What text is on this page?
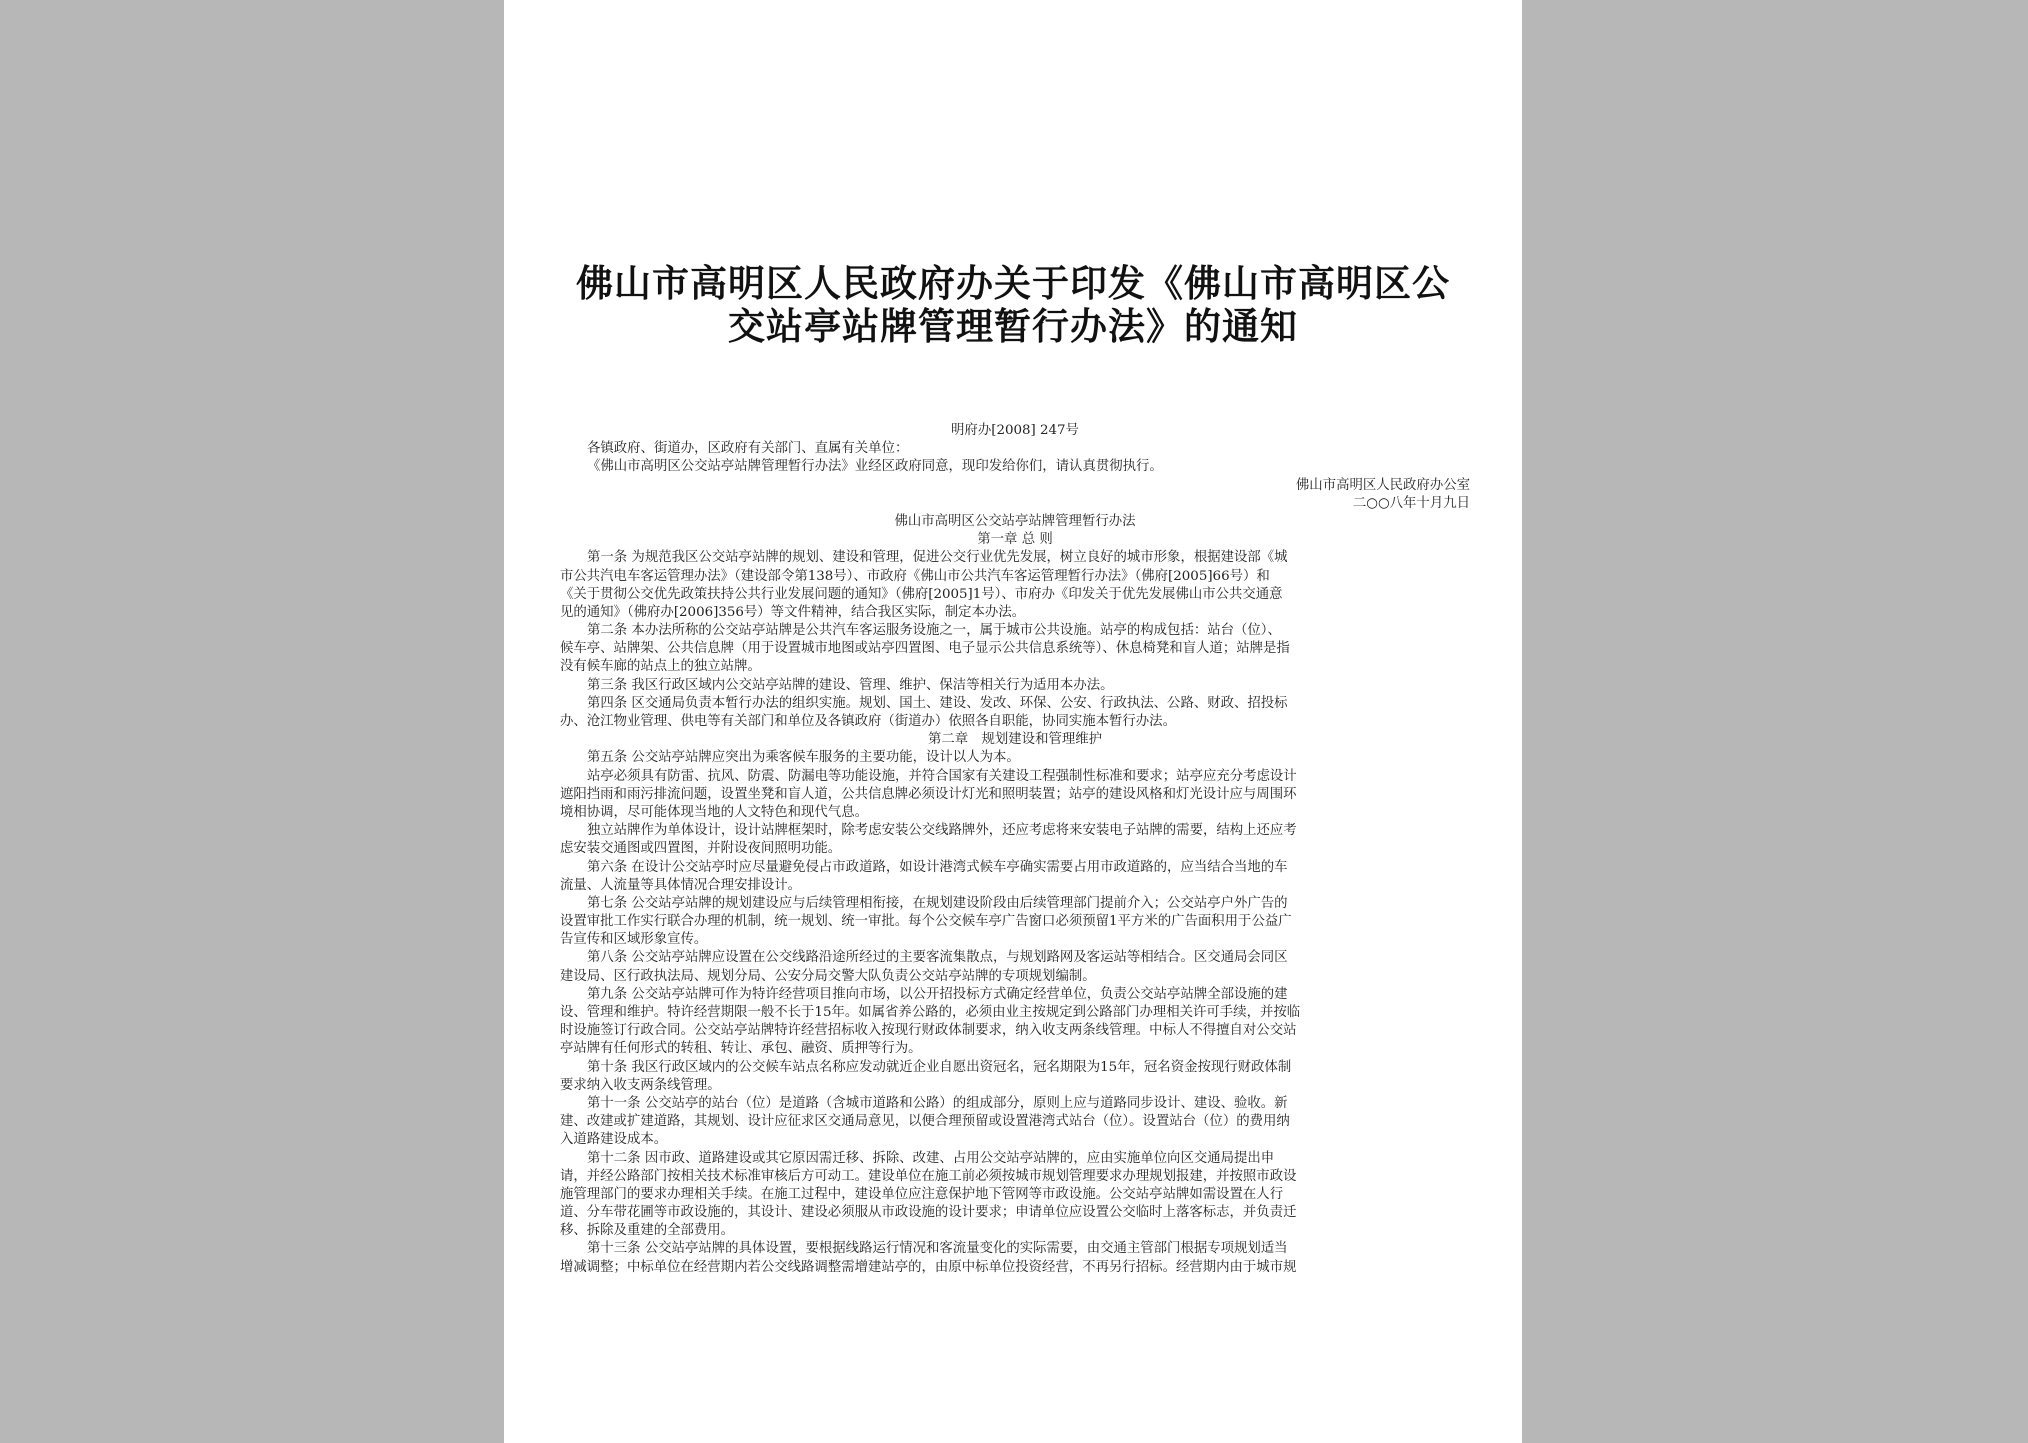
佛山市高明区人民政府办关于印发《佛山市高明区公
交站亭站牌管理暂行办法》的通知
明府办[2008] 247号
各镇政府、街道办，区政府有关部门、直属有关单位：
《佛山市高明区公交站亭站牌管理暂行办法》业经区政府同意，现印发给你们，请认真贯彻执行。
佛山市高明区人民政府办公室
二○○八年十月九日
佛山市高明区公交站亭站牌管理暂行办法
第一章 总 则
第一条 为规范我区公交站亭站牌的规划、建设和管理，促进公交行业优先发展，树立良好的城市形象，根据建设部《城
市公共汽电车客运管理办法》（建设部令第138号）、市政府《佛山市公共汽车客运管理暂行办法》（佛府[2005]66号）和
《关于贯彻公交优先政策扶持公共行业发展问题的通知》（佛府[2005]1号）、市府办《印发关于优先发展佛山市公共交通意
见的通知》（佛府办[2006]356号）等文件精神，结合我区实际，制定本办法。
第二条 本办法所称的公交站亭站牌是公共汽车客运服务设施之一，属于城市公共设施。站亭的构成包括：站台（位）、
候车亭、站牌架、公共信息牌（用于设置城市地图或站亭四置图、电子显示公共信息系统等）、休息椅凳和盲人道；站牌是指
没有候车廊的站点上的独立站牌。
第三条 我区行政区域内公交站亭站牌的建设、管理、维护、保洁等相关行为适用本办法。
第四条 区交通局负责本暂行办法的组织实施。规划、国土、建设、发改、环保、公安、行政执法、公路、财政、招投标
办、沧江物业管理、供电等有关部门和单位及各镇政府（街道办）依照各自职能，协同实施本暂行办法。
第二章　规划建设和管理维护
第五条 公交站亭站牌应突出为乘客候车服务的主要功能，设计以人为本。
站亭必须具有防雷、抗风、防震、防漏电等功能设施，并符合国家有关建设工程强制性标准和要求；站亭应充分考虑设计
遮阳挡雨和雨污排流问题，设置坐凳和盲人道，公共信息牌必须设计灯光和照明装置；站亭的建设风格和灯光设计应与周围环
境相协调，尽可能体现当地的人文特色和现代气息。
独立站牌作为单体设计，设计站牌框架时，除考虑安装公交线路牌外，还应考虑将来安装电子站牌的需要，结构上还应考
虑安装交通图或四置图，并附设夜间照明功能。
第六条 在设计公交站亭时应尽量避免侵占市政道路，如设计港湾式候车亭确实需要占用市政道路的，应当结合当地的车
流量、人流量等具体情况合理安排设计。
第七条 公交站亭站牌的规划建设应与后续管理相衔接，在规划建设阶段由后续管理部门提前介入；公交站亭户外广告的
设置审批工作实行联合办理的机制，统一规划、统一审批。每个公交候车亭广告窗口必须预留1平方米的广告面积用于公益广
告宣传和区域形象宣传。
第八条 公交站亭站牌应设置在公交线路沿途所经过的主要客流集散点，与规划路网及客运站等相结合。区交通局会同区
建设局、区行政执法局、规划分局、公安分局交警大队负责公交站亭站牌的专项规划编制。
第九条 公交站亭站牌可作为特许经营项目推向市场，以公开招投标方式确定经营单位，负责公交站亭站牌全部设施的建
设、管理和维护。特许经营期限一般不长于15年。如属省养公路的，必须由业主按规定到公路部门办理相关许可手续，并按临
时设施签订行政合同。公交站亭站牌特许经营招标收入按现行财政体制要求，纳入收支两条线管理。中标人不得擅自对公交站
亭站牌有任何形式的转租、转让、承包、融资、质押等行为。
第十条 我区行政区域内的公交候车站点名称应发动就近企业自愿出资冠名，冠名期限为15年，冠名资金按现行财政体制
要求纳入收支两条线管理。
第十一条 公交站亭的站台（位）是道路（含城市道路和公路）的组成部分，原则上应与道路同步设计、建设、验收。新
建、改建或扩建道路，其规划、设计应征求区交通局意见，以便合理预留或设置港湾式站台（位）。设置站台（位）的费用纳
入道路建设成本。
第十二条 因市政、道路建设或其它原因需迁移、拆除、改建、占用公交站亭站牌的，应由实施单位向区交通局提出申
请，并经公路部门按相关技术标准审核后方可动工。建设单位在施工前必须按城市规划管理要求办理规划报建，并按照市政设
施管理部门的要求办理相关手续。在施工过程中，建设单位应注意保护地下管网等市政设施。公交站亭站牌如需设置在人行
道、分车带花圃等市政设施的，其设计、建设必须服从市政设施的设计要求；申请单位应设置公交临时上落客标志，并负责迁
移、拆除及重建的全部费用。
第十三条 公交站亭站牌的具体设置，要根据线路运行情况和客流量变化的实际需要，由交通主管部门根据专项规划适当
增减调整；中标单位在经营期内若公交线路调整需增建站亭的，由原中标单位投资经营，不再另行招标。经营期内由于城市规
